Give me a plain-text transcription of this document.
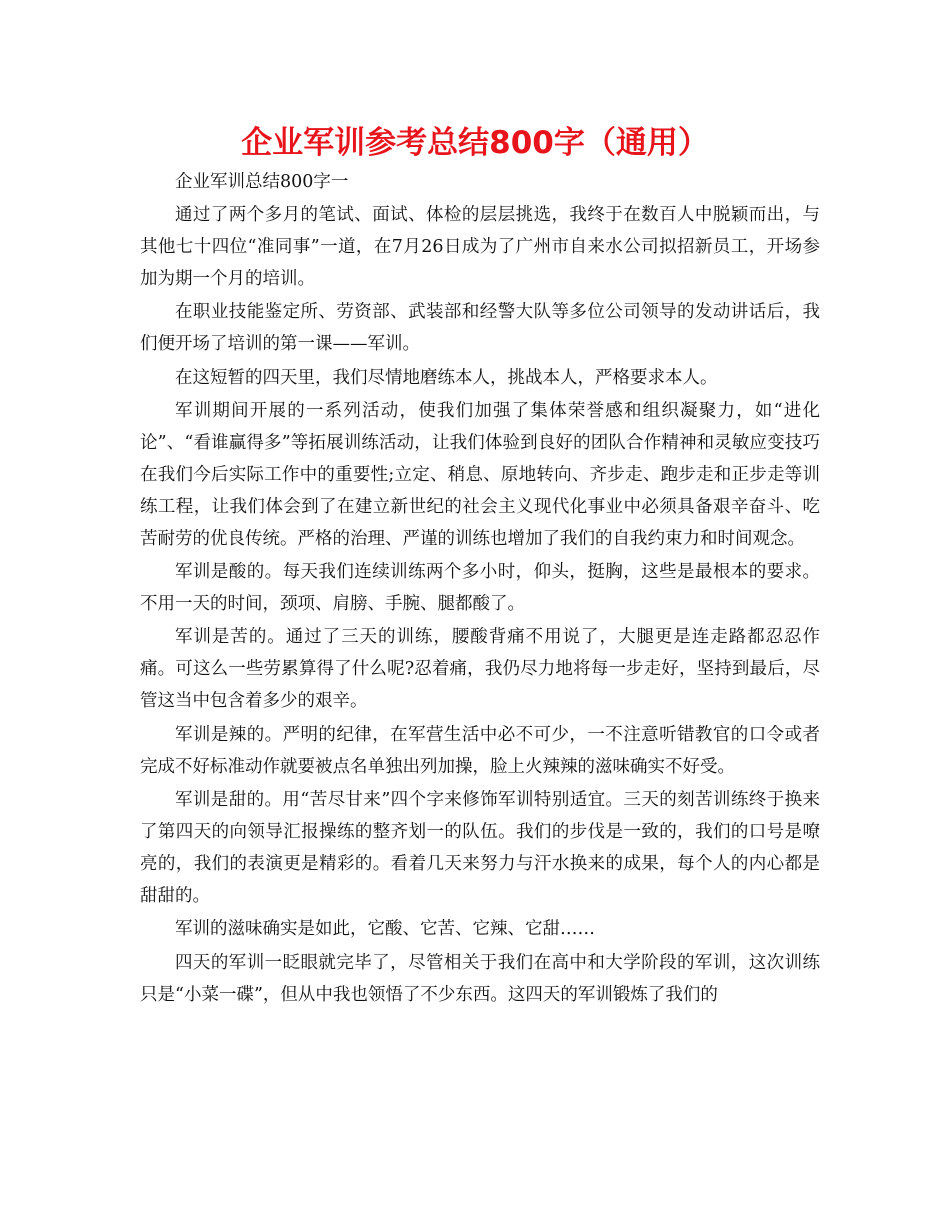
企业军训参考总结800字（通用）

企业军训总结800字一

通过了两个多月的笔试、面试、体检的层层挑选，我终于在数百人中脱颖而出，与其他七十四位“准同事”一道，在7月26日成为了广州市自来水公司拟招新员工，开场参加为期一个月的培训。

在职业技能鉴定所、劳资部、武装部和经警大队等多位公司领导的发动讲话后，我们便开场了培训的第一课——军训。

在这短暂的四天里，我们尽情地磨练本人，挑战本人，严格要求本人。

军训期间开展的一系列活动，使我们加强了集体荣誉感和组织凝聚力，如“进化论”、“看谁赢得多”等拓展训练活动，让我们体验到良好的团队合作精神和灵敏应变技巧在我们今后实际工作中的重要性;立定、稍息、原地转向、齐步走、跑步走和正步走等训练工程，让我们体会到了在建立新世纪的社会主义现代化事业中必须具备艰辛奋斗、吃苦耐劳的优良传统。严格的治理、严谨的训练也增加了我们的自我约束力和时间观念。

军训是酸的。每天我们连续训练两个多小时，仰头，挺胸，这些是最根本的要求。不用一天的时间，颈项、肩膀、手腕、腿都酸了。

军训是苦的。通过了三天的训练，腰酸背痛不用说了，大腿更是连走路都忍忍作痛。可这么一些劳累算得了什么呢?忍着痛，我仍尽力地将每一步走好，坚持到最后，尽管这当中包含着多少的艰辛。

军训是辣的。严明的纪律，在军营生活中必不可少，一不注意听错教官的口令或者完成不好标准动作就要被点名单独出列加操，脸上火辣辣的滋味确实不好受。

军训是甜的。用“苦尽甘来”四个字来修饰军训特别适宜。三天的刻苦训练终于换来了第四天的向领导汇报操练的整齐划一的队伍。我们的步伐是一致的，我们的口号是嘹亮的，我们的表演更是精彩的。看着几天来努力与汗水换来的成果，每个人的内心都是甜甜的。

军训的滋味确实是如此，它酸、它苦、它辣、它甜……

四天的军训一眨眼就完毕了，尽管相关于我们在高中和大学阶段的军训，这次训练只是“小菜一碟”，但从中我也领悟了不少东西。这四天的军训锻炼了我们的
